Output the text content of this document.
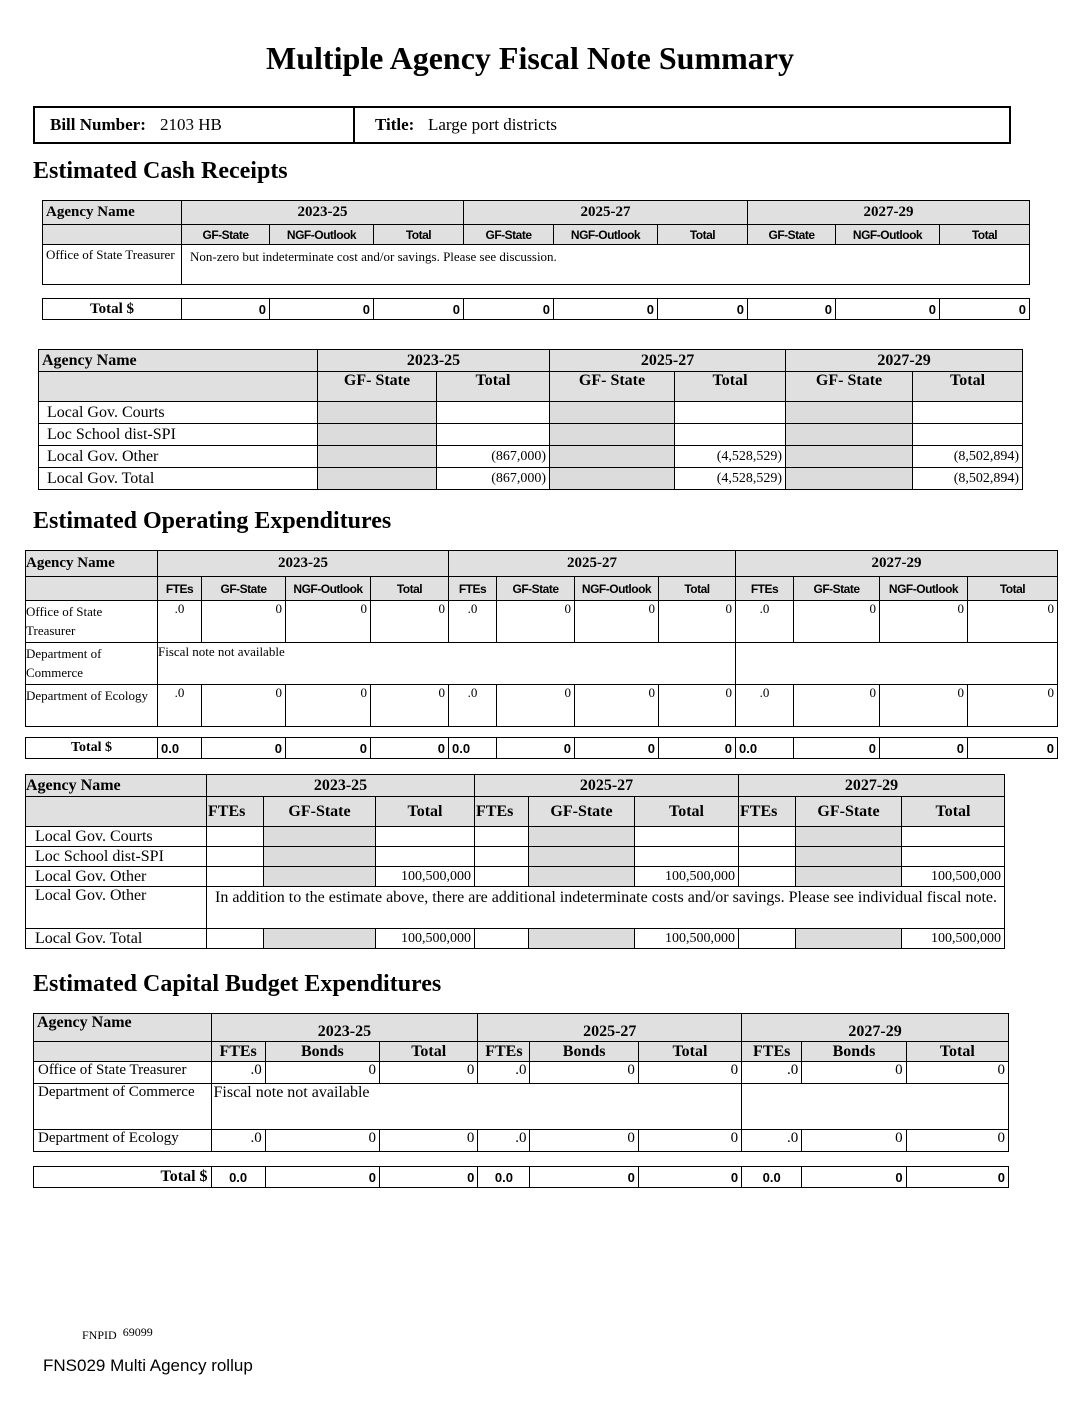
Multiple Agency Fiscal Note Summary
Bill Number: 2103 HB	Title: Large port districts
Estimated Cash Receipts
Agency Name	2023-25			2025-27			2027-29		
	GF-State	NGF-Outlook	Total	GF-State	NGF-Outlook	Total	GF-State	NGF-Outlook	Total
Office of State Treasurer	Non-zero but indeterminate cost and/or savings. Please see discussion.								
Total $	0	0	0	0	0	0	0	0	0
Agency Name	2023-25		2025-27		2027-29	
	GF- State	Total	GF- State	Total	GF- State	Total
Local Gov. Courts						
Loc School dist-SPI						
Local Gov. Other		(867,000)		(4,528,529)		(8,502,894)
Local Gov. Total		(867,000)		(4,528,529)		(8,502,894)
Estimated Operating Expenditures
Agency Name	2023-25				2025-27				2027-29			
	FTEs	GF-State	NGF-Outlook	Total	FTEs	GF-State	NGF-Outlook	Total	FTEs	GF-State	NGF-Outlook	Total
Office of State Treasurer	.0	0	0	0	.0	0	0	0	.0	0	0	0
Department of Commerce	Fiscal note not available											
Department of Ecology	.0	0	0	0	.0	0	0	0	.0	0	0	0
Total $	0.0	0	0	0	0.0	0	0	0	0.0	0	0	0
Agency Name	2023-25			2025-27			2027-29		
	FTEs	GF-State	Total	FTEs	GF-State	Total	FTEs	GF-State	Total
Local Gov. Courts									
Loc School dist-SPI									
Local Gov. Other			100,500,000			100,500,000			100,500,000
Local Gov. Other	In addition to the estimate above, there are additional indeterminate costs and/or savings. Please see individual fiscal note.								
Local Gov. Total			100,500,000			100,500,000			100,500,000
Estimated Capital Budget Expenditures
Agency Name	2023-25			2025-27			2027-29		
	FTEs	Bonds	Total	FTEs	Bonds	Total	FTEs	Bonds	Total
Office of State Treasurer	.0	0	0	.0	0	0	.0	0	0
Department of Commerce	Fiscal note not available								
Department of Ecology	.0	0	0	.0	0	0	.0	0	0
Total $	0.0	0	0	0.0	0	0	0.0	0	0
FNPID 69099
FNS029 Multi Agency rollup
